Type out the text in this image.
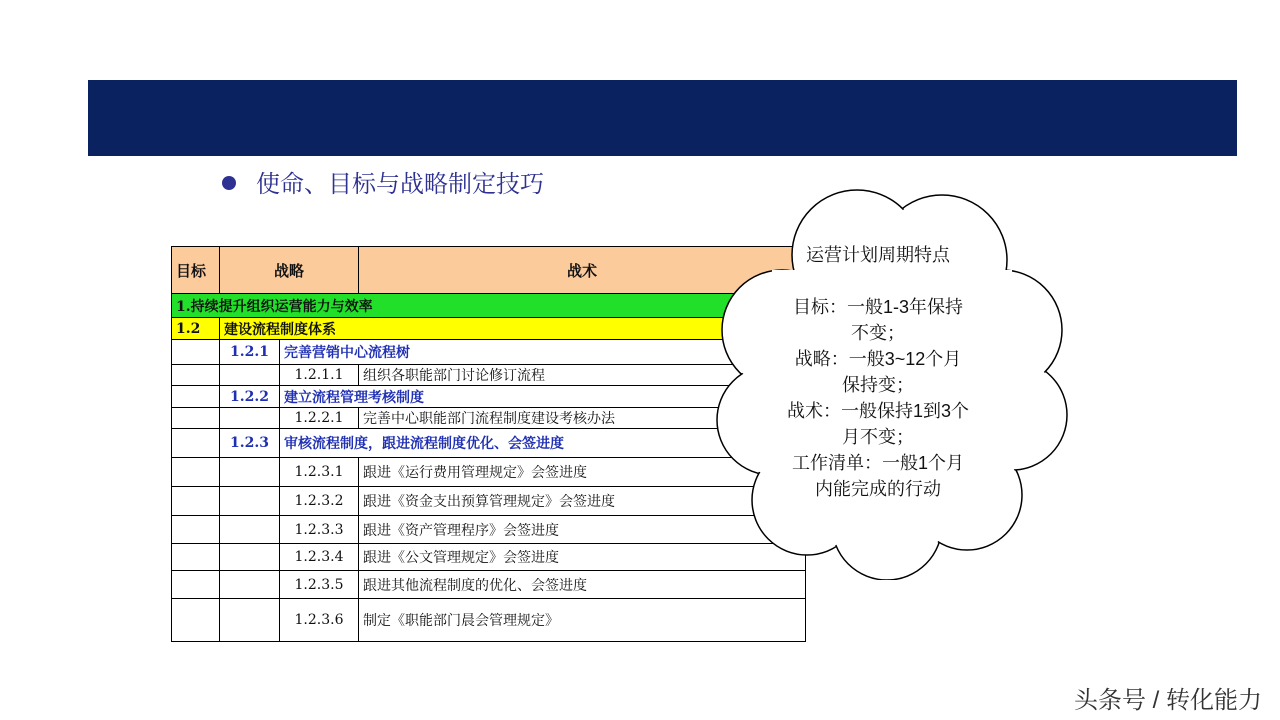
使命、目标与战略制定技巧
目标	战略		战术
1.持续提升组织运营能力与效率			
1.2	建设流程制度体系		
	1.2.1	完善营销中心流程树	
		1.2.1.1	组织各职能部门讨论修订流程
	1.2.2	建立流程管理考核制度	
		1.2.2.1	完善中心职能部门流程制度建设考核办法
	1.2.3	审核流程制度，跟进流程制度优化、会签进度	
		1.2.3.1	跟进《运行费用管理规定》会签进度
		1.2.3.2	跟进《资金支出预算管理规定》会签进度
		1.2.3.3	跟进《资产管理程序》会签进度
		1.2.3.4	跟进《公文管理规定》会签进度
		1.2.3.5	跟进其他流程制度的优化、会签进度
		1.2.3.6	制定《职能部门晨会管理规定》

运营计划周期特点

目标：一般1-3年保持

不变；

战略：一般3~12个月

保持变；

战术：一般保持1到3个

月不变；

工作清单：一般1个月

内能完成的行动

头条号 / 转化能力
